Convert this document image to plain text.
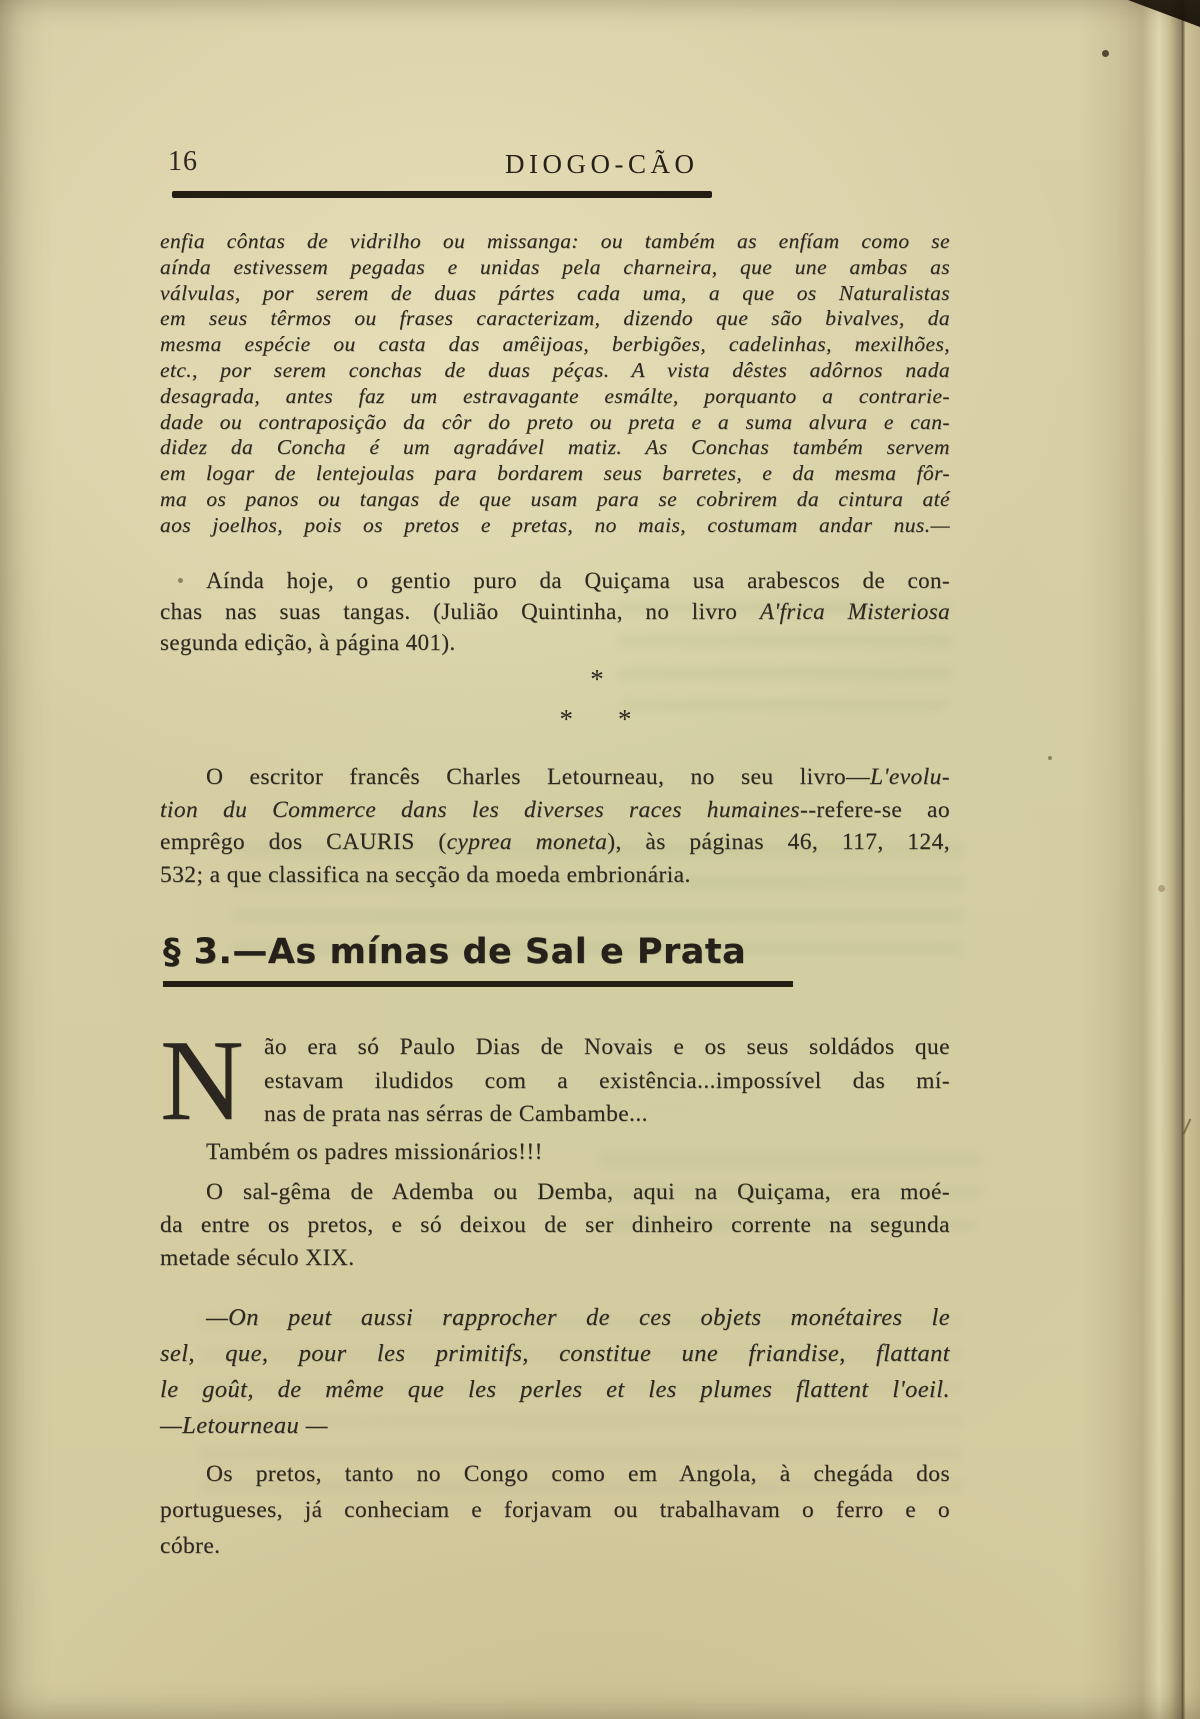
16	DIOGO-CÃO
enfia côntas de vidrilho ou missanga: ou também as enfíam como se
aínda estivessem pegadas e unidas pela charneira, que une ambas as
válvulas, por serem de duas pártes cada uma, a que os Naturalistas
em seus têrmos ou frases caracterizam, dizendo que são bivalves, da
mesma espécie ou casta das amêijoas, berbigões, cadelinhas, mexilhões,
etc., por serem conchas de duas péças. A vista dêstes adôrnos nada
desagrada, antes faz um estravagante esmálte, porquanto a contrarie-
dade ou contraposição da côr do preto ou preta e a suma alvura e can-
didez da Concha é um agradável matiz. As Conchas também servem
em logar de lentejoulas para bordarem seus barretes, e da mesma fôr-
ma os panos ou tangas de que usam para se cobrirem da cintura até
aos joelhos, pois os pretos e pretas, no mais, costumam andar nus.—
Aínda hoje, o gentio puro da Quiçama usa arabescos de con-
chas nas suas tangas. (Julião Quintinha, no livro A'frica Misteriosa
segunda edição, à página 401).
*
* *
O escritor francês Charles Letourneau, no seu livro—L'evolu-
tion du Commerce dans les diverses races humaines--refere-se ao
emprêgo dos CAURIS (cyprea moneta), às páginas 46, 117, 124,
532; a que classifica na secção da moeda embrionária.
§ 3.—As mínas de Sal e Prata
N ão era só Paulo Dias de Novais e os seus soldádos que
estavam iludidos com a existência...impossível das mí-
nas de prata nas sérras de Cambambe...
Também os padres missionários!!!
O sal-gêma de Ademba ou Demba, aqui na Quiçama, era moé-
da entre os pretos, e só deixou de ser dinheiro corrente na segunda
metade século XIX.
—On peut aussi rapprocher de ces objets monétaires le
sel, que, pour les primitifs, constitue une friandise, flattant
le goût, de même que les perles et les plumes flattent l'oeil.
—Letourneau —
Os pretos, tanto no Congo como em Angola, à chegáda dos
portugueses, já conheciam e forjavam ou trabalhavam o ferro e o
cóbre.
